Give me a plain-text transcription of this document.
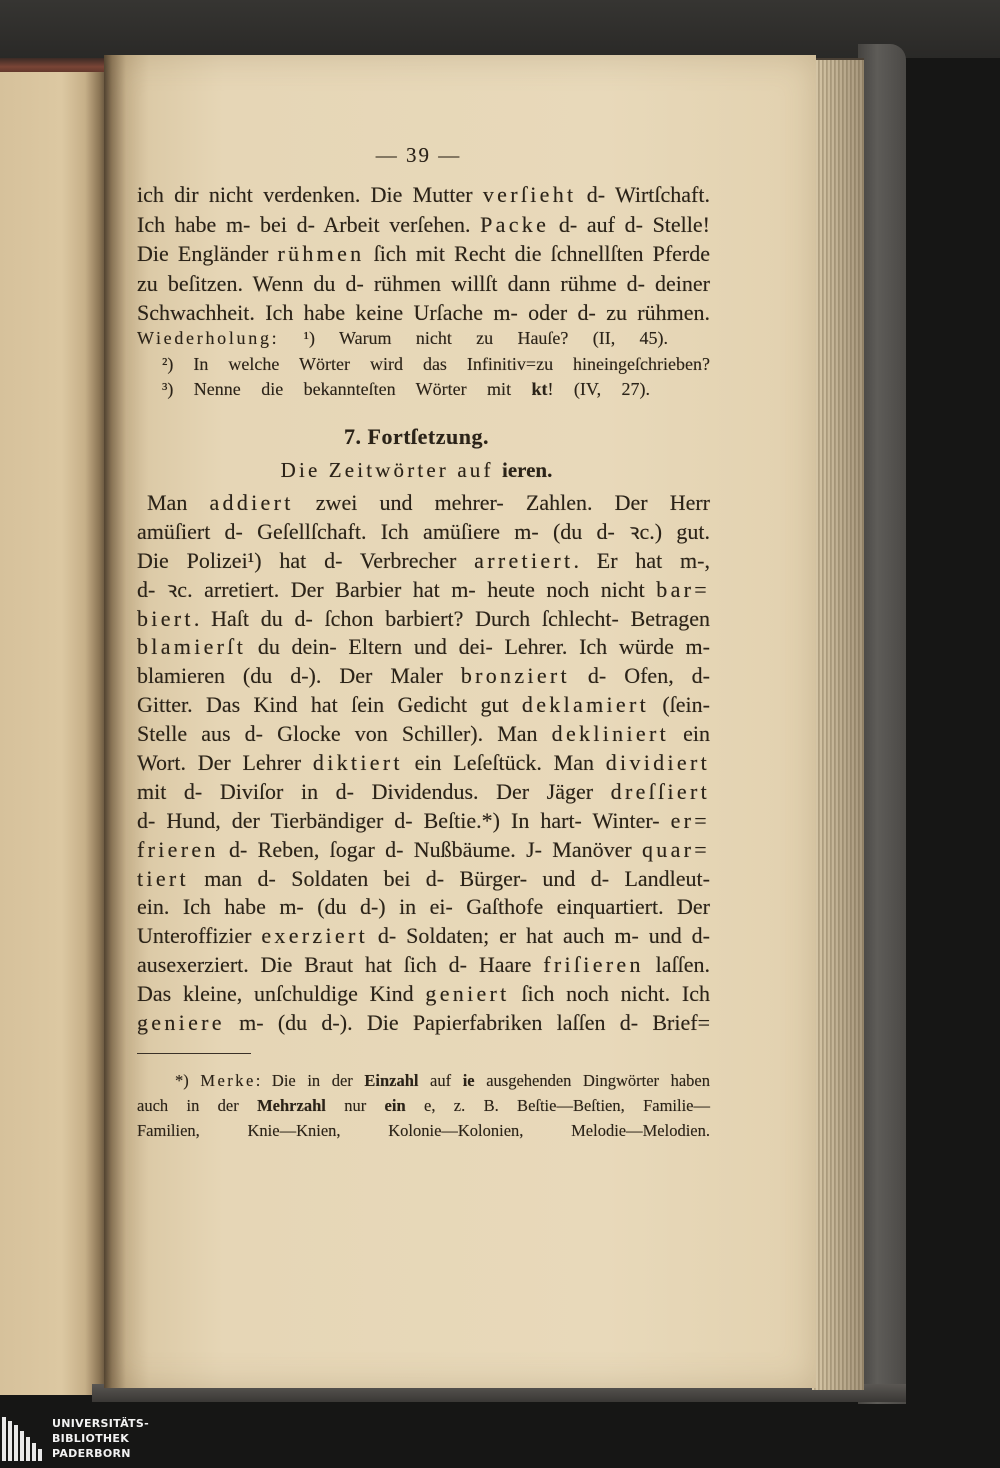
— 39 —
ich dir nicht verdenken. Die Mutter verſieht d- Wirtſchaft.
Ich habe m- bei d- Arbeit verſehen. Packe d- auf d- Stelle!
Die Engländer rühmen ſich mit Recht die ſchnellſten Pferde
zu beſitzen. Wenn du d- rühmen willſt dann rühme d- deiner
Schwachheit. Ich habe keine Urſache m- oder d- zu rühmen.
Wiederholung: ¹) Warum nicht zu Hauſe? (II, 45).
²) In welche Wörter wird das Infinitiv=zu hineingeſchrieben?
³) Nenne die bekannteſten Wörter mit kt! (IV, 27).
7. Fortſetzung.
Die Zeitwörter auf ieren.
Man addiert zwei und mehrer- Zahlen. Der Herr
amüſiert d- Geſellſchaft. Ich amüſiere m- (du d- ꝛc.) gut.
Die Polizei¹) hat d- Verbrecher arretiert. Er hat m-,
d- ꝛc. arretiert. Der Barbier hat m- heute noch nicht bar=
biert. Haſt du d- ſchon barbiert? Durch ſchlecht- Betragen
blamierſt du dein- Eltern und dei- Lehrer. Ich würde m-
blamieren (du d-). Der Maler bronziert d- Ofen, d-
Gitter. Das Kind hat ſein Gedicht gut deklamiert (ſein-
Stelle aus d- Glocke von Schiller). Man dekliniert ein
Wort. Der Lehrer diktiert ein Leſeſtück. Man dividiert
mit d- Diviſor in d- Dividendus. Der Jäger dreſſiert
d- Hund, der Tierbändiger d- Beſtie.*) In hart- Winter- er=
frieren d- Reben, ſogar d- Nußbäume. J- Manöver quar=
tiert man d- Soldaten bei d- Bürger- und d- Landleut-
ein. Ich habe m- (du d-) in ei- Gaſthofe einquartiert. Der
Unteroffizier exerziert d- Soldaten; er hat auch m- und d-
ausexerziert. Die Braut hat ſich d- Haare friſieren laſſen.
Das kleine, unſchuldige Kind geniert ſich noch nicht. Ich
geniere m- (du d-). Die Papierfabriken laſſen d- Brief=
*) Merke: Die in der Einzahl auf ie ausgehenden Dingwörter haben
auch in der Mehrzahl nur ein e, z. B. Beſtie—Beſtien, Familie—
Familien, Knie—Knien, Kolonie—Kolonien, Melodie—Melodien.
UNIVERSITÄTS-
BIBLIOTHEK
PADERBORN
